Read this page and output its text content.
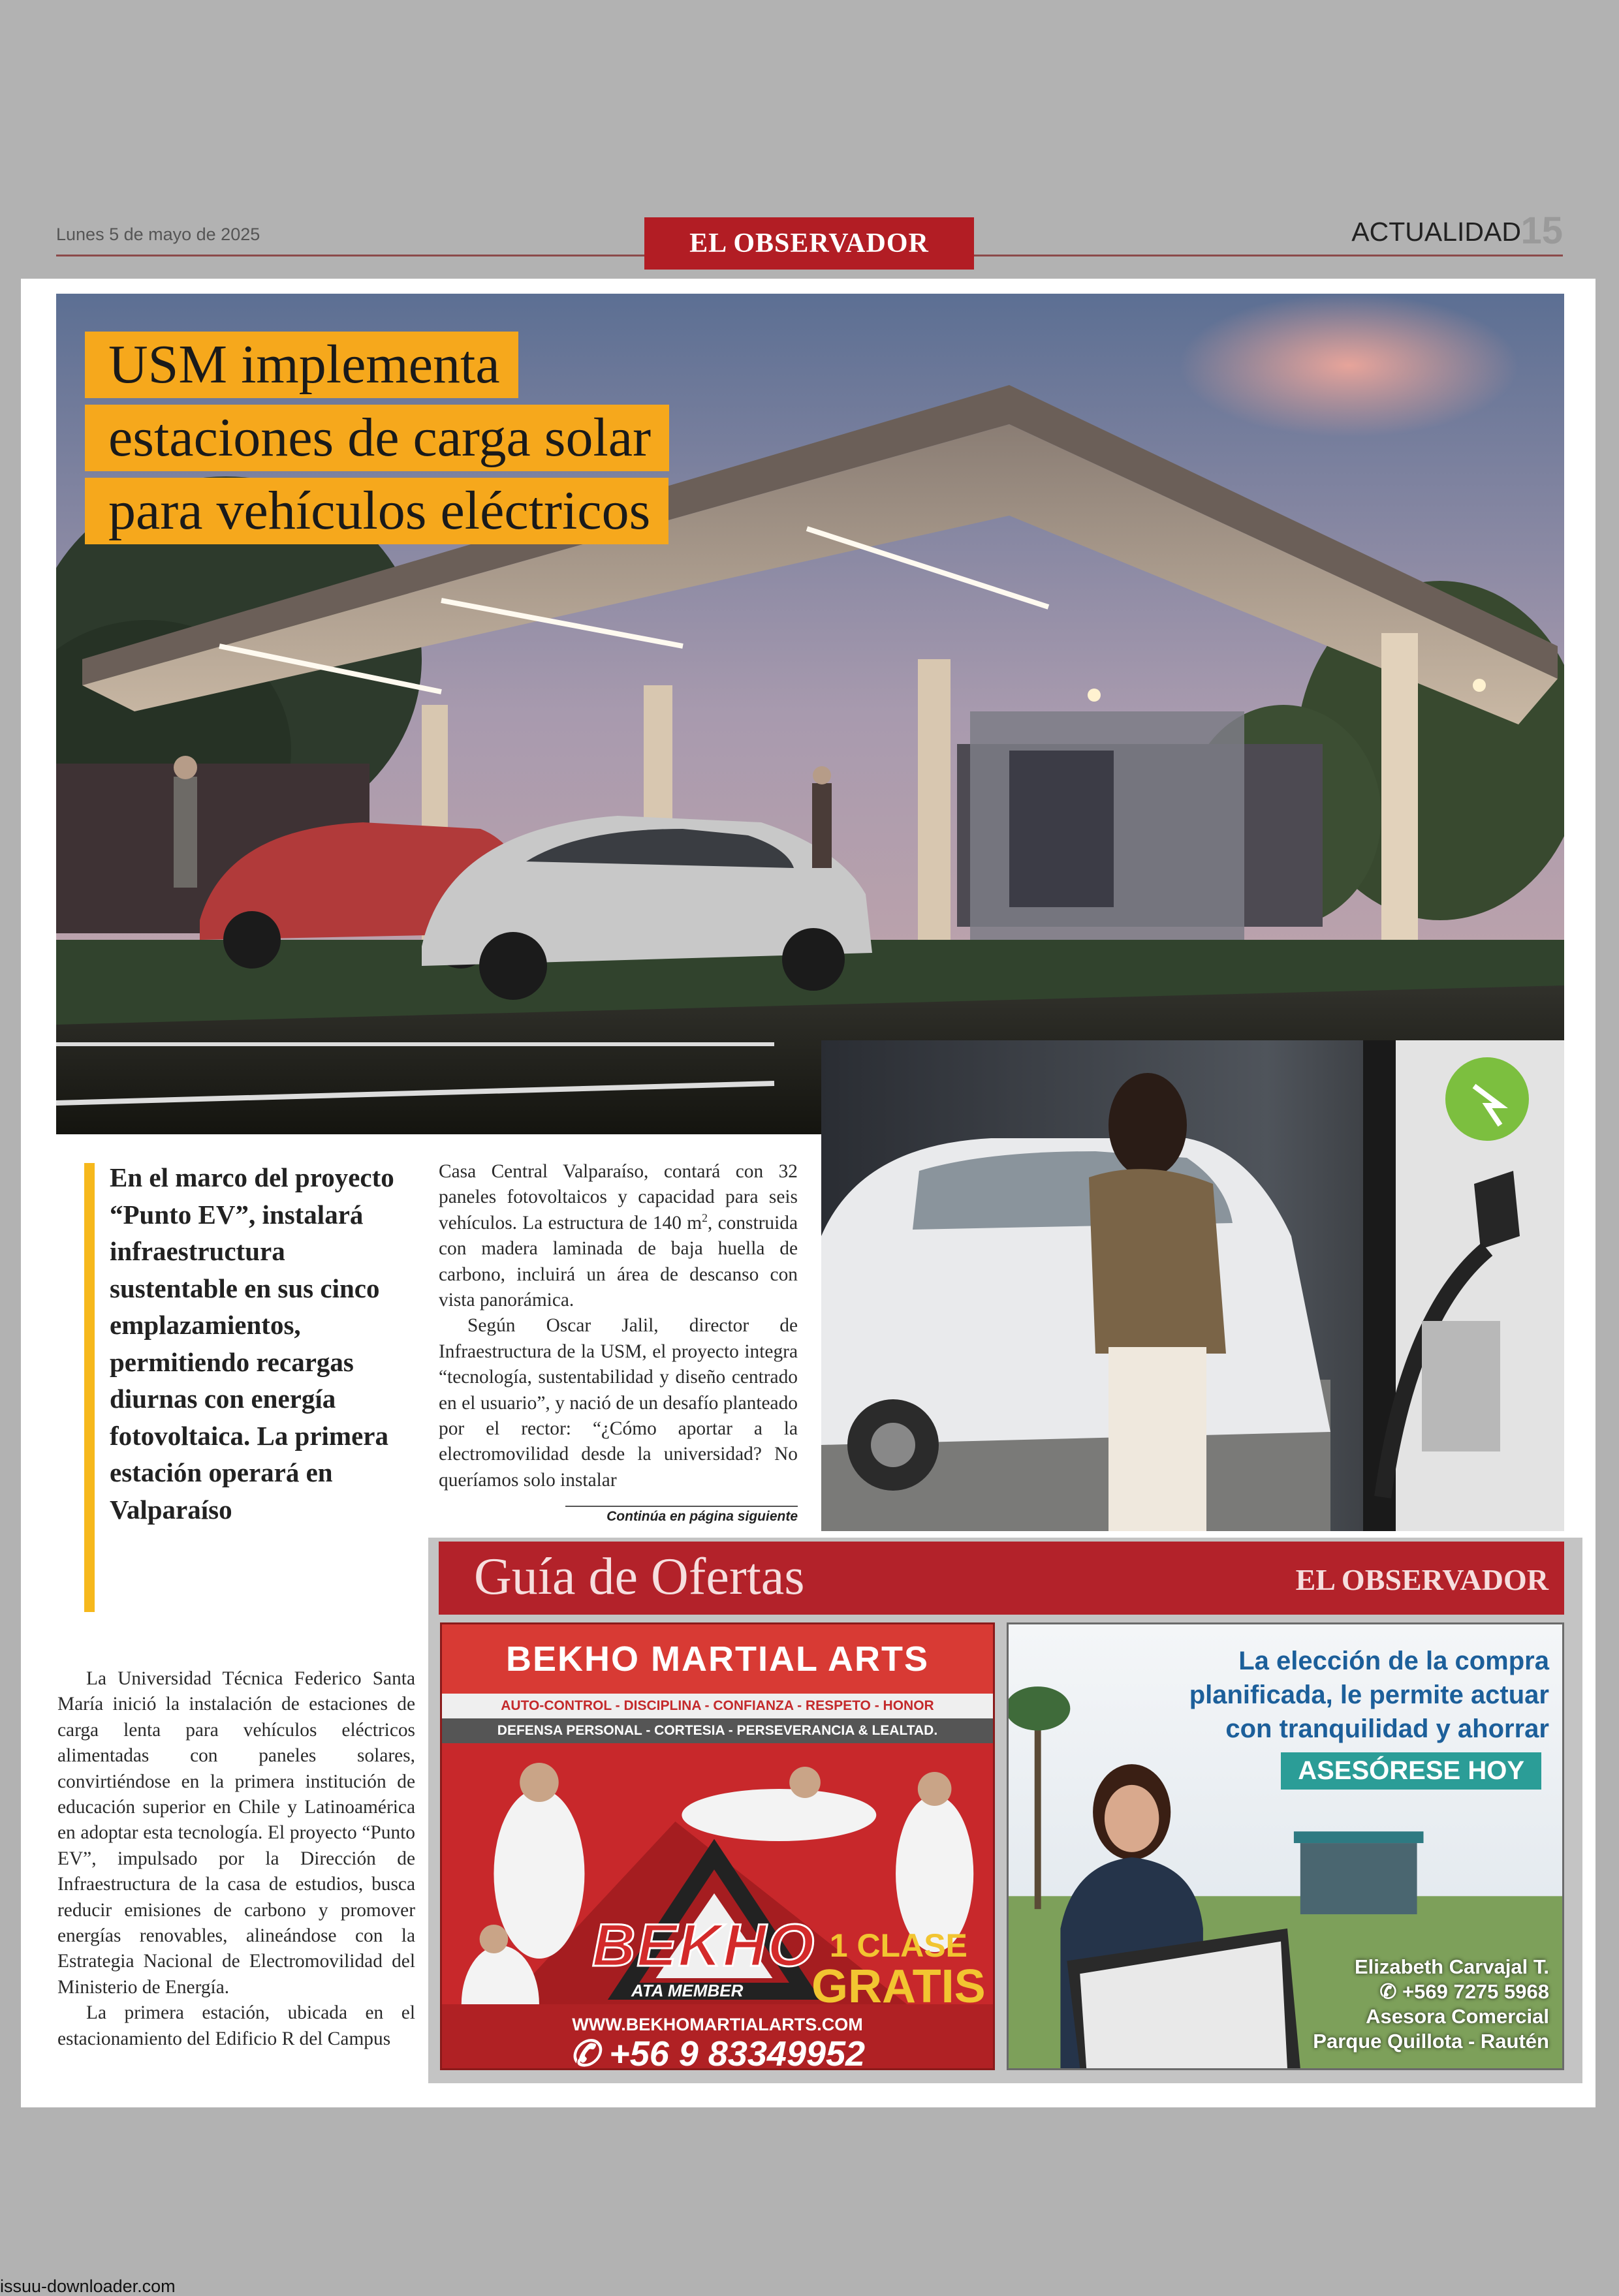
Lunes 5 de mayo de 2025	EL OBSERVADOR	ACTUALIDAD 15
USM implementa
estaciones de carga solar
para vehículos eléctricos
En el marco del proyecto “Punto EV”, instalará infraestructura sustentable en sus cinco emplazamientos, permitiendo recargas diurnas con energía fotovoltaica. La primera estación operará en Valparaíso

La Universidad Técnica Federico Santa María inició la instalación de estaciones de carga lenta para vehículos eléctricos alimentadas con paneles solares, convirtiéndose en la primera institución de educación superior en Chile y Latinoamérica en adoptar esta tecnología. El proyecto “Punto EV”, impulsado por la Dirección de Infraestructura de la casa de estudios, busca reducir emisiones de carbono y promover energías renovables, alineándose con la Estrategia Nacional de Electromovilidad del Ministerio de Energía.

La primera estación, ubicada en el estacionamiento del Edificio R del Campus

Casa Central Valparaíso, contará con 32 paneles fotovoltaicos y capacidad para seis vehículos. La estructura de 140 $m^2$, construida con madera laminada de baja huella de carbono, incluirá un área de descanso con vista panorámica.

Según Oscar Jalil, director de Infraestructura de la USM, el proyecto integra “tecnología, sustentabilidad y diseño centrado en el usuario”, y nació de un desafío planteado por el rector: “¿Cómo aportar a la electromovilidad desde la universidad? No queríamos solo instalar

Continúa en página siguiente
Guía de Ofertas	EL OBSERVADOR
BEKHO MARTIAL ARTS
AUTO-CONTROL - DISCIPLINA - CONFIANZA - RESPETO - HONOR
DEFENSA PERSONAL - CORTESIA - PERSEVERANCIA & LEALTAD.
BEKHO
ATA MEMBER
1 CLASE
GRATIS
WWW.BEKHOMARTIALARTS.COM
✆ +56 9 83349952
La elección de la compra
planificada, le permite actuar
con tranquilidad y ahorrar
ASESÓRESE HOY
Elizabeth Carvajal T.
✆ +569 7275 5968
Asesora Comercial
Parque Quillota - Rautén
issuu-downloader.com
